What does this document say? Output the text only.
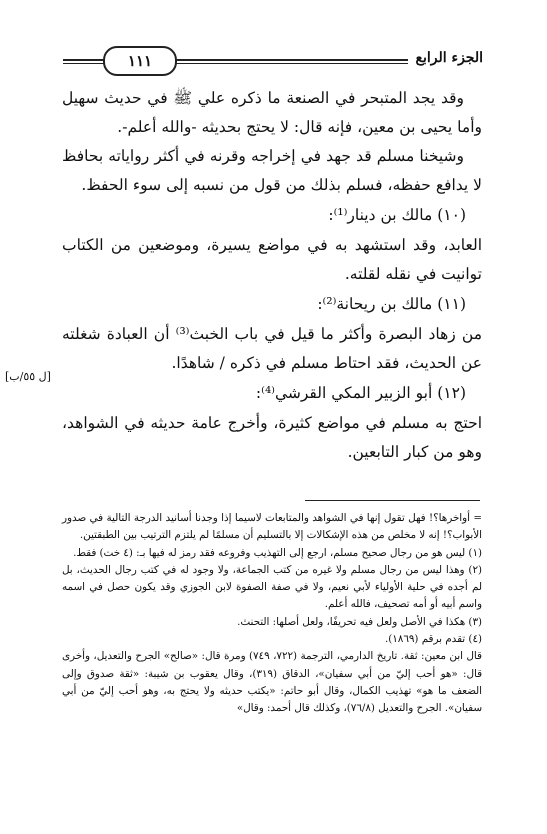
١١١	الجزء الرابع
[ل ٥٥/ب]

وقد يجد المتبحر في الصنعة ما ذكره علي ﷺ في حديث سهيل وأما يحيى بن معين، فإنه قال: لا يحتج بحديثه -والله أعلم-.

وشيخنا مسلم قد جهد في إخراجه وقرنه في أكثر رواياته بحافظ لا يدافع حفظه، فسلم بذلك من قول من نسبه إلى سوء الحفظ.

(١٠) مالك بن دينار⁽¹⁾:

العابد، وقد استشهد به في مواضع يسيرة، وموضعين من الكتاب توانيت في نقله لقلته.

(١١) مالك بن ريحانة⁽²⁾:

من زهاد البصرة وأكثر ما قيل في باب الخبث⁽³⁾ أن العبادة شغلته عن الحديث، فقد احتاط مسلم في ذكره / شاهدًا.

(١٢) أبو الزبير المكي القرشي⁽⁴⁾:

احتج به مسلم في مواضع كثيرة، وأخرج عامة حديثه في الشواهد، وهو من كبار التابعين.

= أواخرها؟! فهل تقول إنها في الشواهد والمتابعات لاسيما إذا وجدنا أسانيد الدرجة التالية في صدور الأبواب؟! إنه لا مخلص من هذه الإشكالات إلا بالتسليم أن مسلمًا لم يلتزم الترتيب بين الطبقتين.

(١) ليس هو من رجال صحيح مسلم، ارجع إلى التهذيب وفروعه فقد رمز له فيها بـ: (٤ خت) فقط.

(٢) وهذا ليس من رجال مسلم ولا غيره من كتب الجماعة، ولا وجود له في كتب رجال الحديث، بل لم أجده في حلية الأولياء لأبي نعيم، ولا في صفة الصفوة لابن الجوزي وقد يكون حصل في اسمه واسم أبيه أو أمه تصحيف، فالله أعلم.

(٣) هكذا في الأصل ولعل فيه تحريفًا، ولعل أصلها: التحنث.

(٤) تقدم برقم (١٨٦٩).

قال ابن معين: ثقة. تاريخ الدارمي، الترجمة (٧٢٢، ٧٤٩) ومرة قال: «صالح» الجرح والتعديل، وأخرى قال: «هو أحب إليّ من أبي سفيان»، الدقاق (٣١٩)، وقال يعقوب بن شيبة: «ثقة صدوق وإلى الضعف ما هو» تهذيب الكمال، وقال أبو حاتم: «يكتب حديثه ولا يحتج به، وهو أحب إليّ من أبي سفيان». الجرح والتعديل (٧٦/٨)، وكذلك قال أحمد: وقال»
